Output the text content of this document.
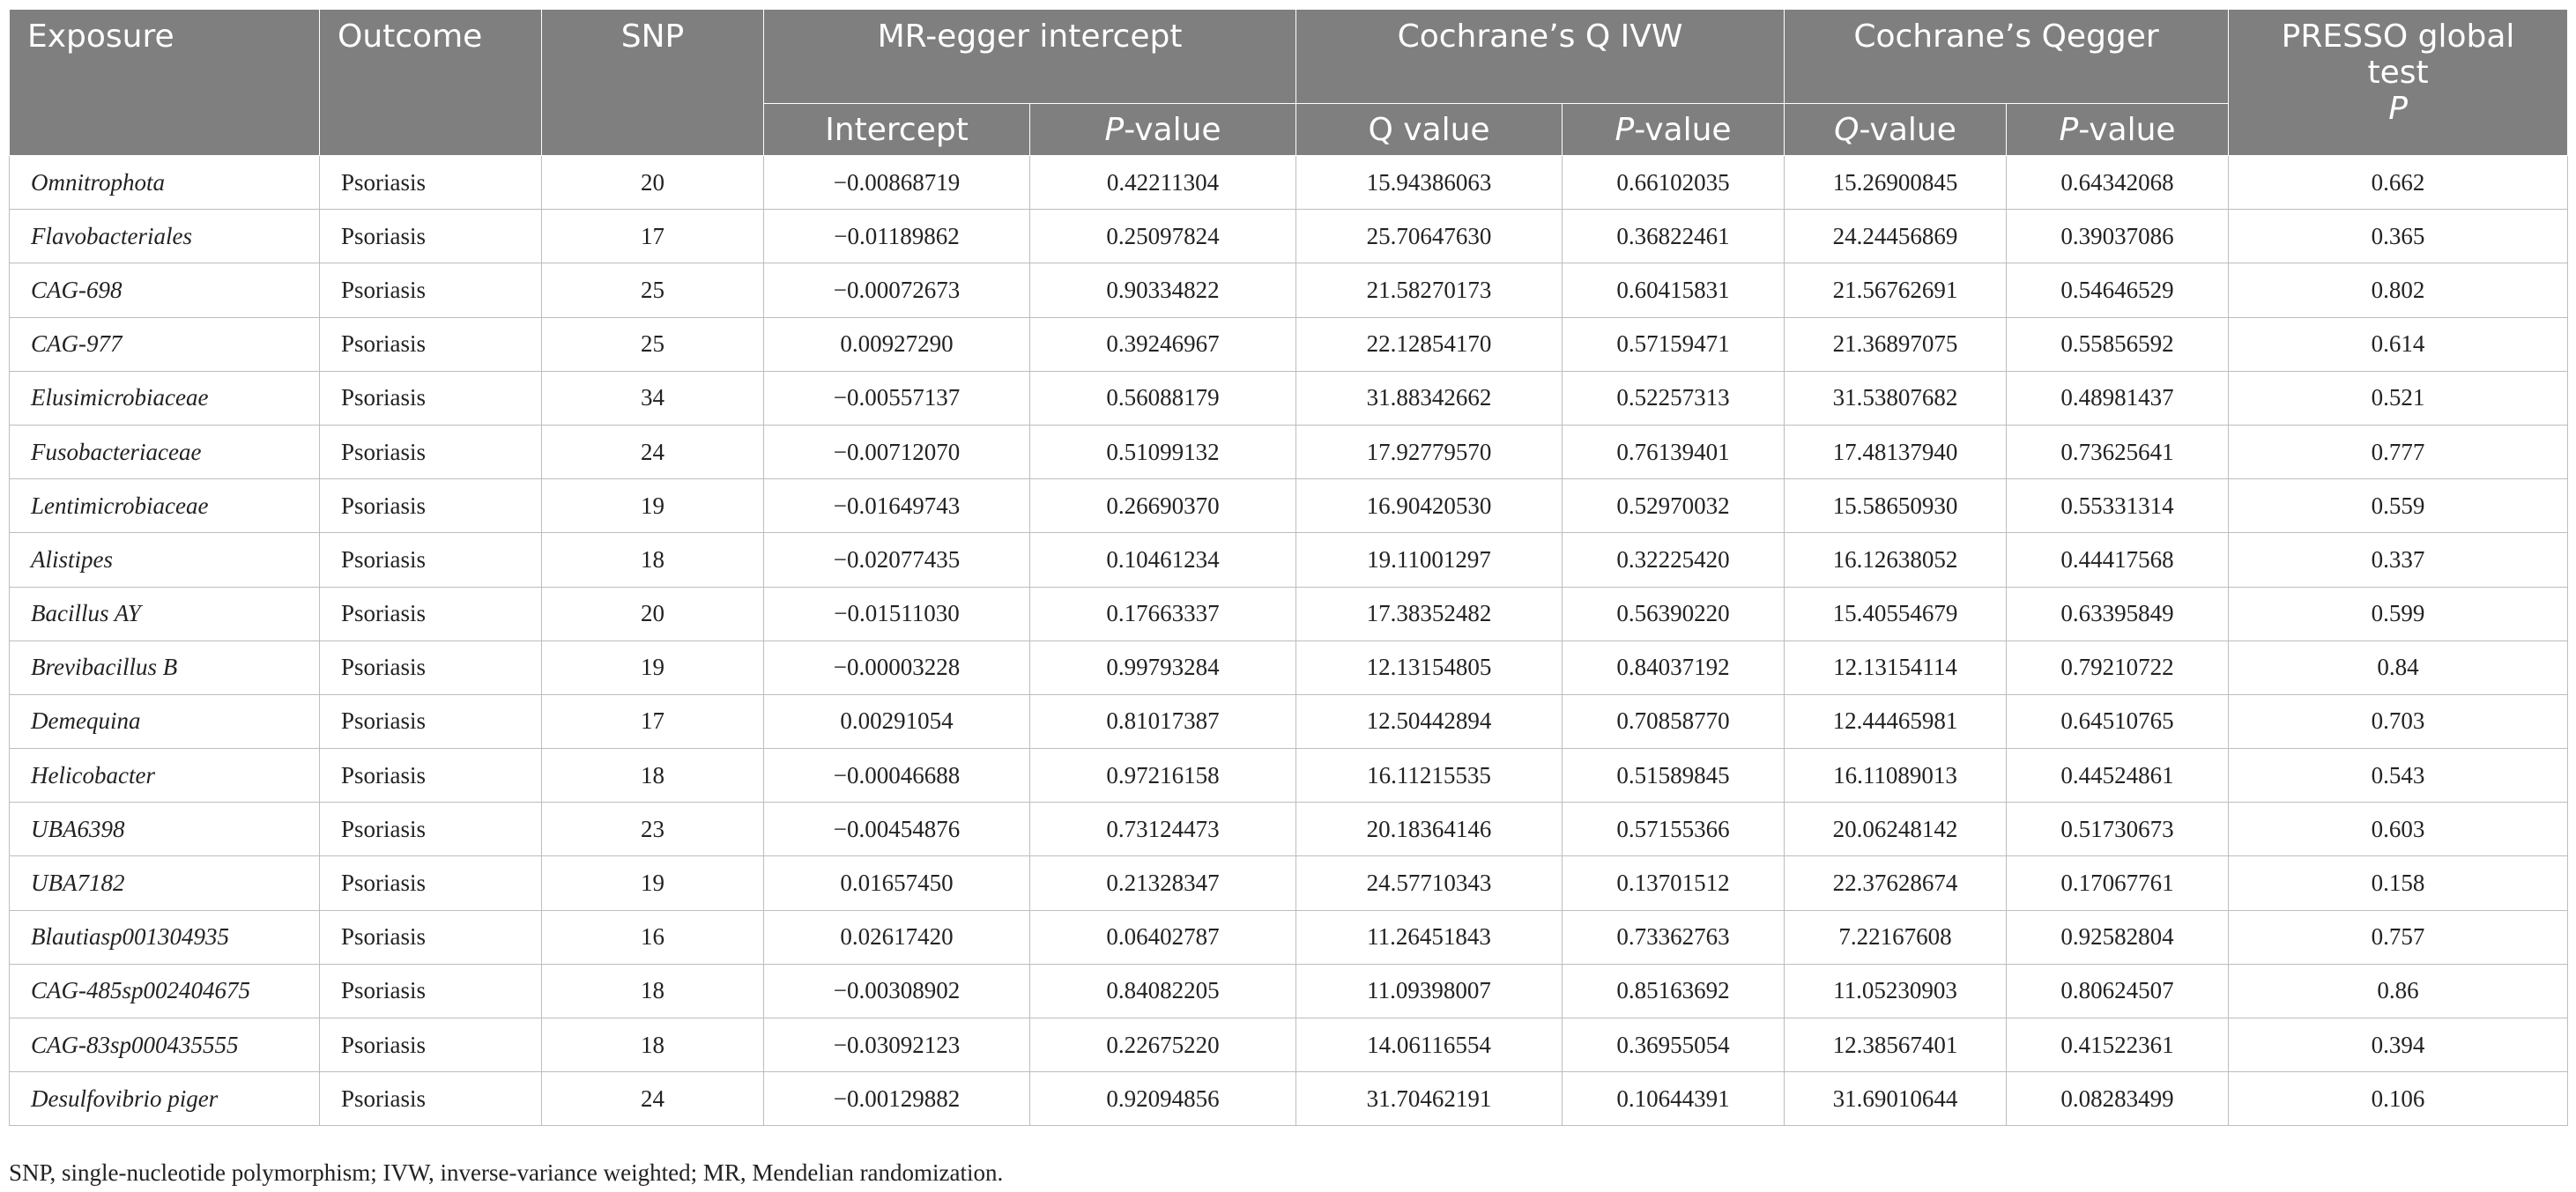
Exposure	Outcome	SNP	MR-egger intercept		Cochrane’s Q IVW		Cochrane’s Qegger		PRESSO global test
P
			Intercept	P-value	Q value	P-value	Q-value	P-value	
Omnitrophota	Psoriasis	20	−0.00868719	0.42211304	15.94386063	0.66102035	15.26900845	0.64342068	0.662
Flavobacteriales	Psoriasis	17	−0.01189862	0.25097824	25.70647630	0.36822461	24.24456869	0.39037086	0.365
CAG-698	Psoriasis	25	−0.00072673	0.90334822	21.58270173	0.60415831	21.56762691	0.54646529	0.802
CAG-977	Psoriasis	25	0.00927290	0.39246967	22.12854170	0.57159471	21.36897075	0.55856592	0.614
Elusimicrobiaceae	Psoriasis	34	−0.00557137	0.56088179	31.88342662	0.52257313	31.53807682	0.48981437	0.521
Fusobacteriaceae	Psoriasis	24	−0.00712070	0.51099132	17.92779570	0.76139401	17.48137940	0.73625641	0.777
Lentimicrobiaceae	Psoriasis	19	−0.01649743	0.26690370	16.90420530	0.52970032	15.58650930	0.55331314	0.559
Alistipes	Psoriasis	18	−0.02077435	0.10461234	19.11001297	0.32225420	16.12638052	0.44417568	0.337
Bacillus AY	Psoriasis	20	−0.01511030	0.17663337	17.38352482	0.56390220	15.40554679	0.63395849	0.599
Brevibacillus B	Psoriasis	19	−0.00003228	0.99793284	12.13154805	0.84037192	12.13154114	0.79210722	0.84
Demequina	Psoriasis	17	0.00291054	0.81017387	12.50442894	0.70858770	12.44465981	0.64510765	0.703
Helicobacter	Psoriasis	18	−0.00046688	0.97216158	16.11215535	0.51589845	16.11089013	0.44524861	0.543
UBA6398	Psoriasis	23	−0.00454876	0.73124473	20.18364146	0.57155366	20.06248142	0.51730673	0.603
UBA7182	Psoriasis	19	0.01657450	0.21328347	24.57710343	0.13701512	22.37628674	0.17067761	0.158
Blautiasp001304935	Psoriasis	16	0.02617420	0.06402787	11.26451843	0.73362763	7.22167608	0.92582804	0.757
CAG-485sp002404675	Psoriasis	18	−0.00308902	0.84082205	11.09398007	0.85163692	11.05230903	0.80624507	0.86
CAG-83sp000435555	Psoriasis	18	−0.03092123	0.22675220	14.06116554	0.36955054	12.38567401	0.41522361	0.394
Desulfovibrio piger	Psoriasis	24	−0.00129882	0.92094856	31.70462191	0.10644391	31.69010644	0.08283499	0.106
SNP, single-nucleotide polymorphism; IVW, inverse-variance weighted; MR, Mendelian randomization.
